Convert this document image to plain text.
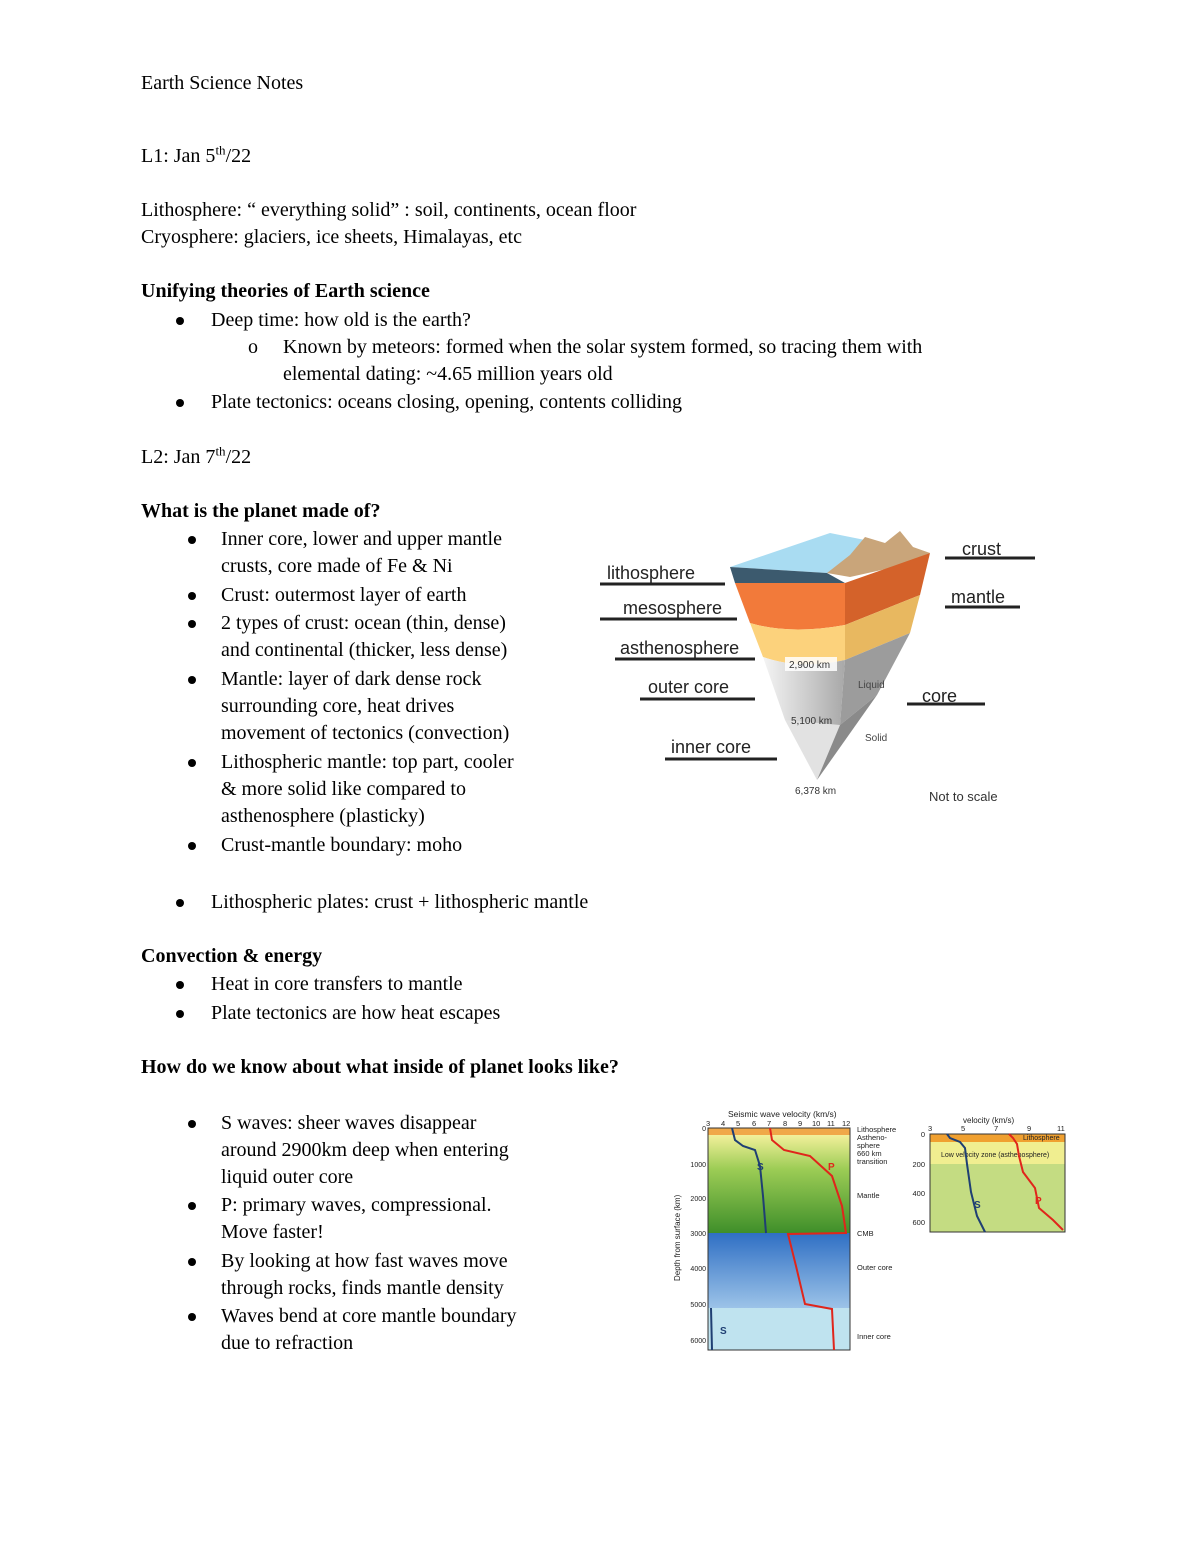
Earth Science Notes
L1: Jan 5th/22
Lithosphere: “ everything solid” : soil, continents, ocean floor
Cryosphere: glaciers, ice sheets, Himalayas, etc
Unifying theories of Earth science
Deep time: how old is the earth?
o Known by meteors: formed when the solar system formed, so tracing them with
elemental dating: ~4.65 million years old
Plate tectonics: oceans closing, opening, contents colliding
L2: Jan 7th/22
What is the planet made of?
Inner core, lower and upper mantle
crusts, core made of Fe & Ni
Crust: outermost layer of earth
2 types of crust: ocean (thin, dense)
and continental (thicker, less dense)
Mantle: layer of dark dense rock
surrounding core, heat drives
movement of tectonics (convection)
Lithospheric mantle: top part, cooler
& more solid like compared to
asthenosphere (plasticky)
Crust-mantle boundary: moho
Lithospheric plates: crust + lithospheric mantle
Convection & energy
Heat in core transfers to mantle
Plate tectonics are how heat escapes
How do we know about what inside of planet looks like?
S waves: sheer waves disappear
around 2900km deep when entering
liquid outer core
P: primary waves, compressional.
Move faster!
By looking at how fast waves move
through rocks, finds mantle density
Waves bend at core mantle boundary
due to refraction
2,900 km
5,100 km
6,378 km
Liquid
Solid
lithosphere
mesosphere
asthenosphere
outer core
inner core
crust
mantle
core
Not to scale
Seismic wave velocity (km/s)
3 4 5 6 7 8 9 10 11 12
0
1000
2000
3000
4000
5000
6000
Depth from surface (km)
S
S
P
Lithosphere
Astheno-
sphere
660 km
transition
Mantle
CMB
Outer core
Inner core
velocity (km/s)
3	5	7	9	11
0
200
400
600
Lithosphere
Low velocity zone (asthenosphere)
S	P
